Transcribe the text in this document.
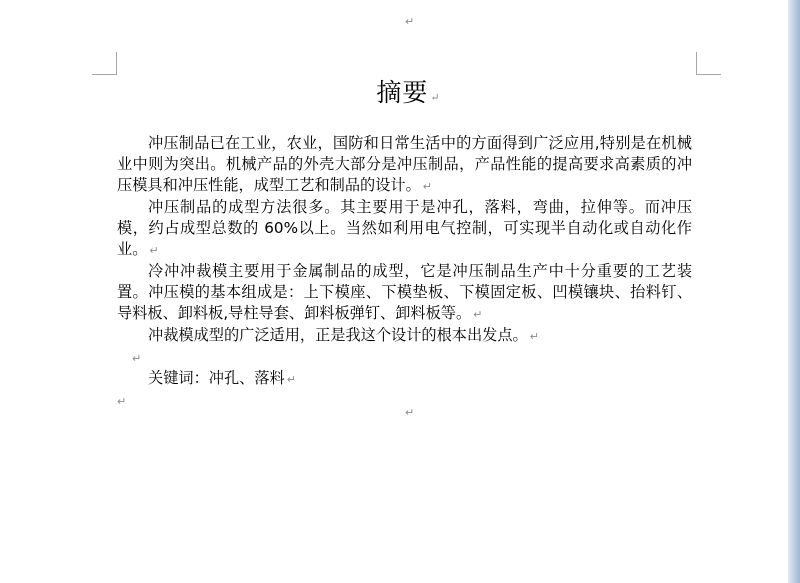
↵
摘要 ↵

冲压制品已在工业，农业，国防和日常生活中的方面得到广泛应用,特别是在机械业中则为突出。机械产品的外壳大部分是冲压制品，产品性能的提高要求高素质的冲压模具和冲压性能，成型工艺和制品的设计。 ↵

冲压制品的成型方法很多。其主要用于是冲孔，落料，弯曲，拉伸等。而冲压模，约占成型总数的 60%以上。当然如利用电气控制，可实现半自动化或自动化作业。 ↵

冷冲冲裁模主要用于金属制品的成型，它是冲压制品生产中十分重要的工艺装置。冲压模的基本组成是：上下模座、下模垫板、下模固定板、凹模镶块、抬料钉、导料板、卸料板,导柱导套、卸料板弹钉、卸料板等。 ↵

冲裁模成型的广泛适用，正是我这个设计的根本出发点。 ↵

↵

关键词：冲孔、落料 ↵

↵

↵
